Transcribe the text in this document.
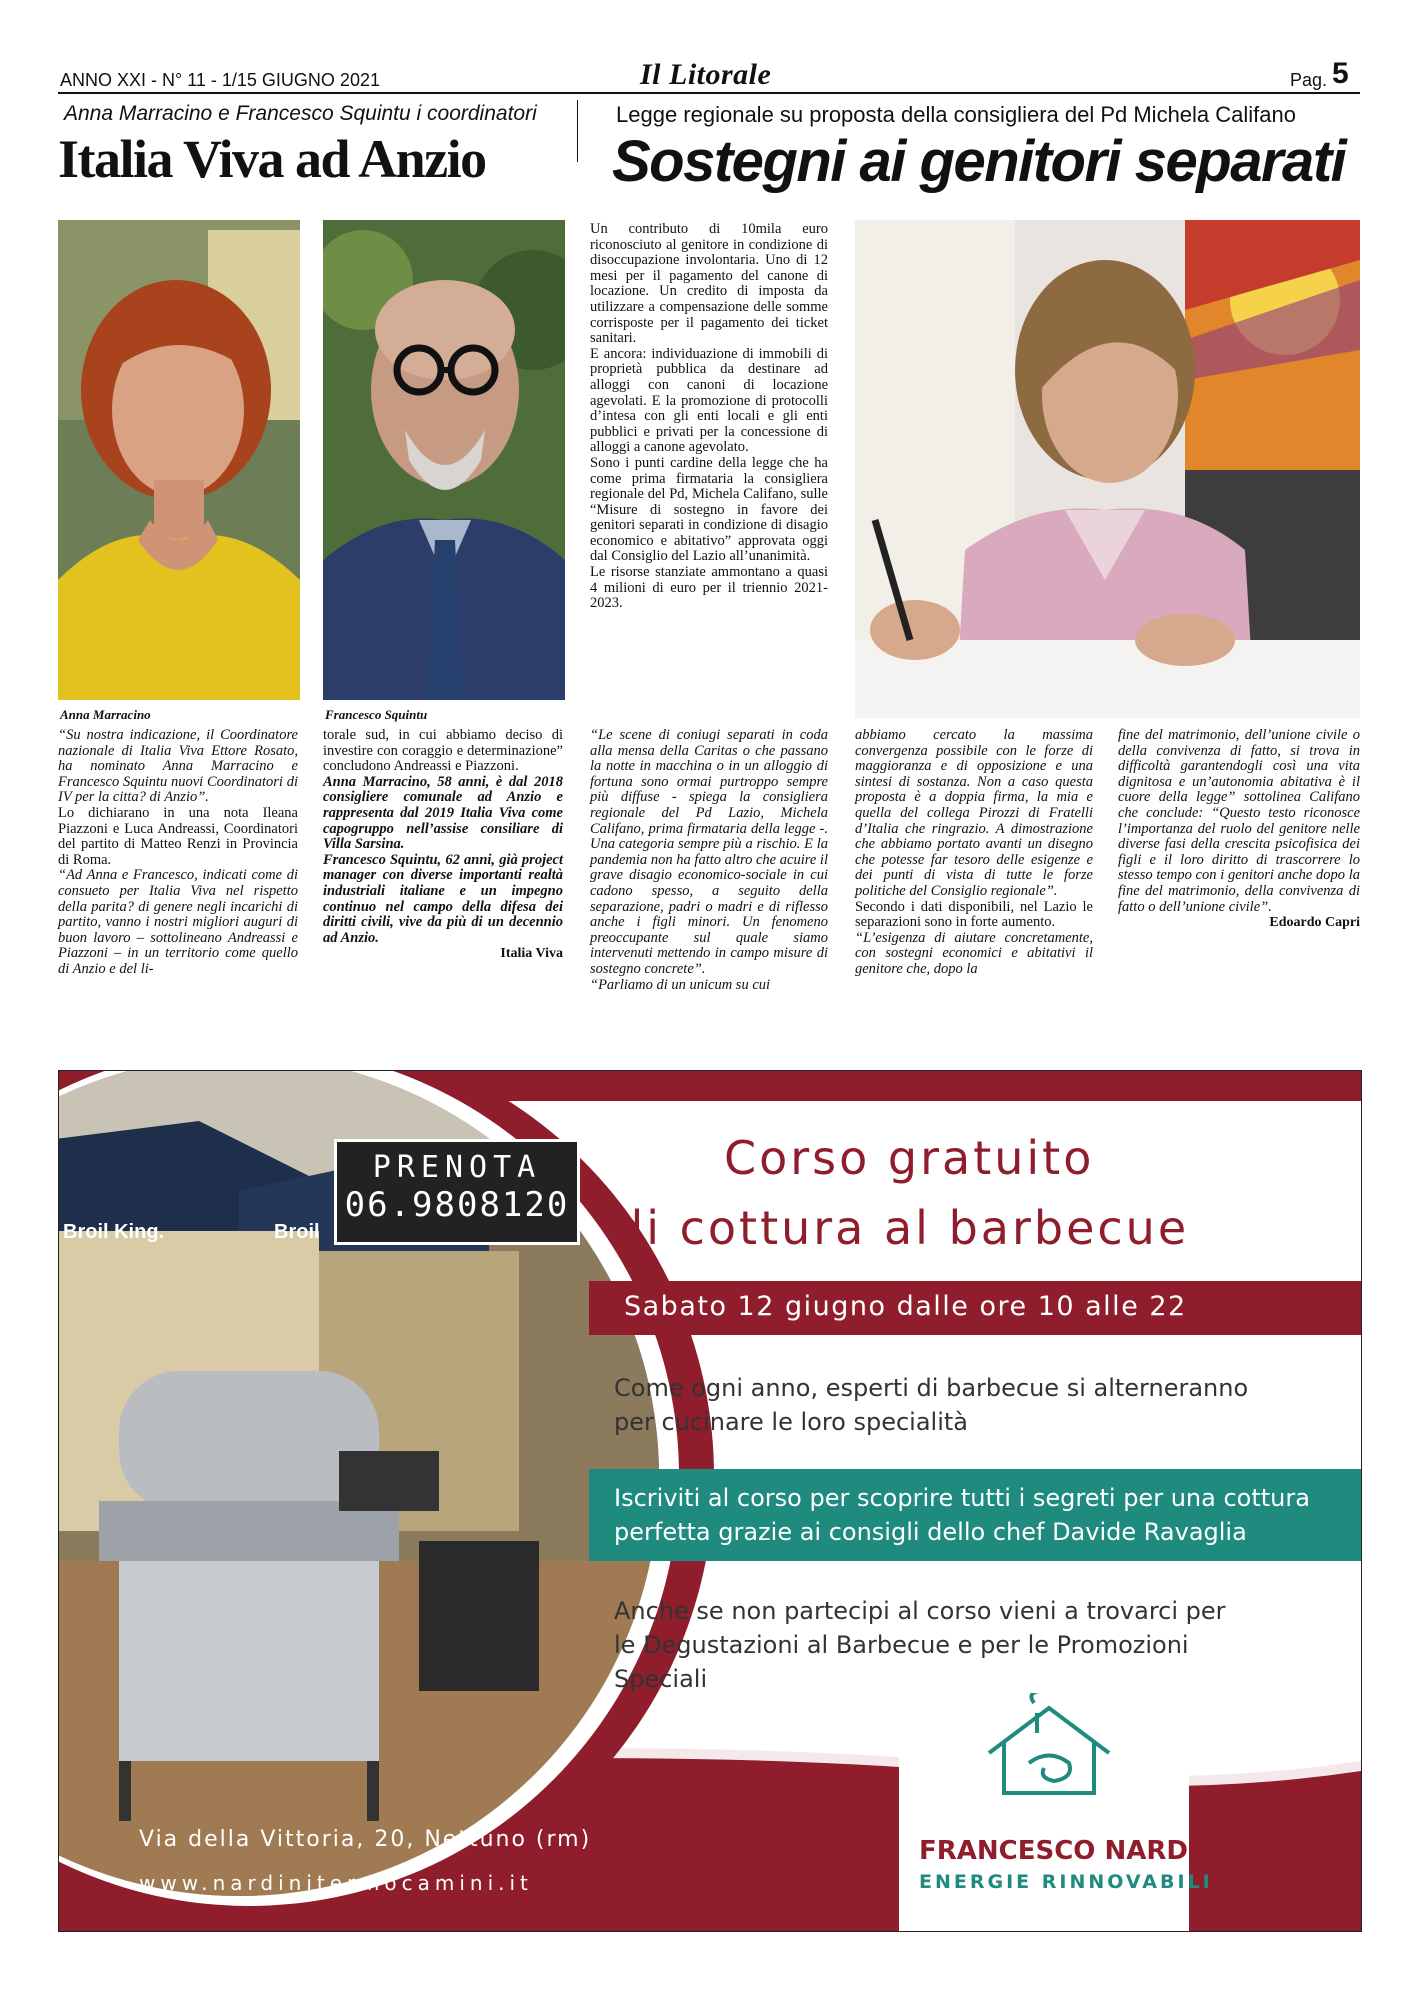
ANNO XXI - N° 11 - 1/15 GIUGNO 2021	Il Litorale	Pag. 5
Anna Marracino e Francesco Squintu i coordinatori
Italia Viva ad Anzio
Legge regionale su proposta della consigliera del Pd Michela Califano
Sostegni ai genitori separati
Anna Marracino	Francesco Squintu

“Su nostra indicazione, il Coordinatore nazionale di Italia Viva Ettore Rosato, ha nominato Anna Marracino e Francesco Squintu nuovi Coordinatori di IV per la citta? di Anzio”.

Lo dichiarano in una nota Ileana Piazzoni e Luca Andreassi, Coordinatori del partito di Matteo Renzi in Provincia di Roma.

“Ad Anna e Francesco, indicati come di consueto per Italia Viva nel rispetto della parita? di genere negli incarichi di partito, vanno i nostri migliori auguri di buon lavoro – sottolineano Andreassi e Piazzoni – in un territorio come quello di Anzio e del li-

torale sud, in cui abbiamo deciso di investire con coraggio e determinazione” concludono Andreassi e Piazzoni.

Anna Marracino, 58 anni, è dal 2018 consigliere comunale ad Anzio e rappresenta dal 2019 Italia Viva come capogruppo nell’assise consiliare di Villa Sarsina.

Francesco Squintu, 62 anni, già project manager con diverse importanti realtà industriali italiane e un impegno continuo nel campo della difesa dei diritti civili, vive da più di un decennio ad Anzio.

Italia Viva

Un contributo di 10mila euro riconosciuto al genitore in condizione di disoccupazione involontaria. Uno di 12 mesi per il pagamento del canone di locazione. Un credito di imposta da utilizzare a compensazione delle somme corrisposte per il pagamento dei ticket sanitari.

E ancora: individuazione di immobili di proprietà pubblica da destinare ad alloggi con canoni di locazione agevolati. E la promozione di protocolli d’intesa con gli enti locali e gli enti pubblici e privati per la concessione di alloggi a canone agevolato.

Sono i punti cardine della legge che ha come prima firmataria la consigliera regionale del Pd, Michela Califano, sulle “Misure di sostegno in favore dei genitori separati in condizione di disagio economico e abitativo” approvata oggi dal Consiglio del Lazio all’unanimità.

Le risorse stanziate ammontano a quasi 4 milioni di euro per il triennio 2021-2023.

“Le scene di coniugi separati in coda alla mensa della Caritas o che passano la notte in macchina o in un alloggio di fortuna sono ormai purtroppo sempre più diffuse - spiega la consigliera regionale del Pd Lazio, Michela Califano, prima firmataria della legge -. Una categoria sempre più a rischio. E la pandemia non ha fatto altro che acuire il grave disagio economico-sociale in cui cadono spesso, a seguito della separazione, padri o madri e di riflesso anche i figli minori. Un fenomeno preoccupante sul quale siamo intervenuti mettendo in campo misure di sostegno concrete”.

“Parliamo di un unicum su cui

abbiamo cercato la massima convergenza possibile con le forze di maggioranza e di opposizione e una sintesi di sostanza. Non a caso questa proposta è a doppia firma, la mia e quella del collega Pirozzi di Fratelli d’Italia che ringrazio. A dimostrazione che abbiamo portato avanti un disegno che potesse far tesoro delle esigenze e dei punti di vista di tutte le forze politiche del Consiglio regionale”.

Secondo i dati disponibili, nel Lazio le separazioni sono in forte aumento.

“L’esigenza di aiutare concretamente, con sostegni economici e abitativi il genitore che, dopo la

fine del matrimonio, dell’unione civile o della convivenza di fatto, si trova in difficoltà garantendogli così una vita dignitosa e un’autonomia abitativa è il cuore della legge” sottolinea Califano che conclude: “Questo testo riconosce l’importanza del ruolo del genitore nelle diverse fasi della crescita psicofisica dei figli e il loro diritto di trascorrere lo stesso tempo con i genitori anche dopo la fine del matrimonio, della convivenza di fatto o dell’unione civile”.

Edoardo Capri

Broil King.	Broil
PRENOTA
06.9808120
Corso gratuito
di cottura al barbecue
Sabato 12 giugno dalle ore 10 alle 22
Come ogni anno, esperti di barbecue si alterneranno per cucinare le loro specialità
Iscriviti al corso per scoprire tutti i segreti per una cottura perfetta grazie ai consigli dello chef Davide Ravaglia
Anche se non partecipi al corso vieni a trovarci per le Degustazioni al Barbecue e per le Promozioni Speciali
Via della Vittoria, 20, Nettuno (rm)
www.nardinitermocamini.it
FRANCESCO NARDINI
ENERGIE RINNOVABILI
